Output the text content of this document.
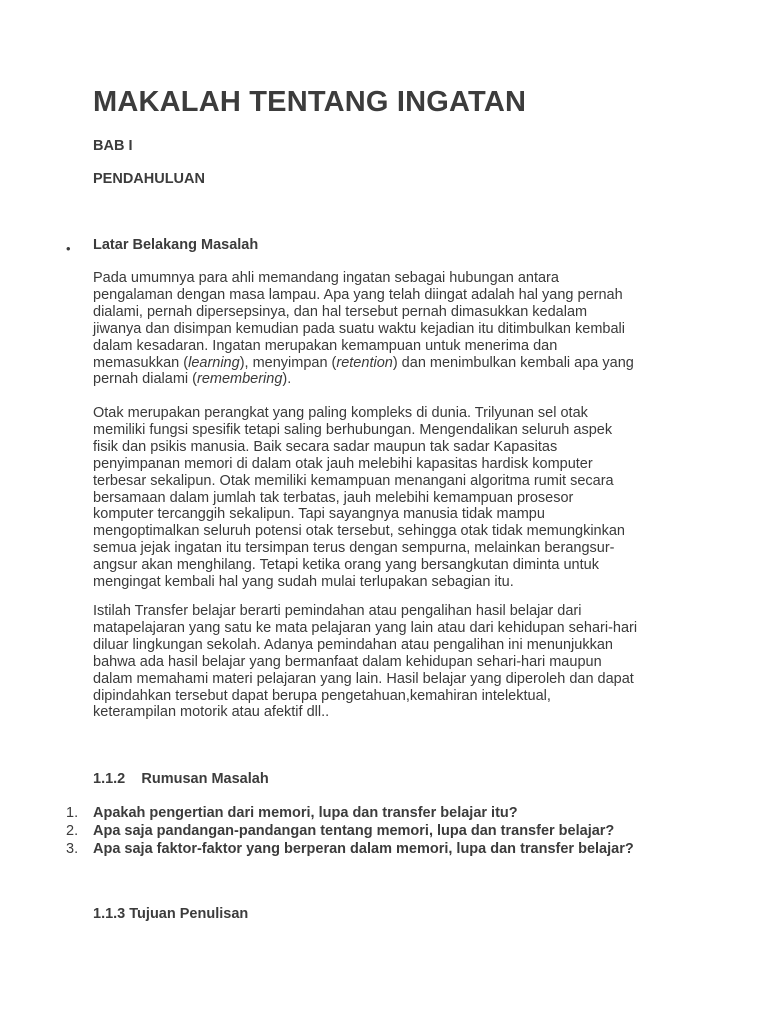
MAKALAH TENTANG INGATAN

BAB I

PENDAHULUAN

• Latar Belakang Masalah

Pada umumnya para ahli memandang ingatan sebagai hubungan antara
pengalaman dengan masa lampau. Apa yang telah diingat adalah hal yang pernah
dialami, pernah dipersepsinya, dan hal tersebut pernah dimasukkan kedalam
jiwanya dan disimpan kemudian pada suatu waktu kejadian itu ditimbulkan kembali
dalam kesadaran. Ingatan merupakan kemampuan untuk menerima dan
memasukkan (learning), menyimpan (retention) dan menimbulkan kembali apa yang
pernah dialami (remembering).
Otak merupakan perangkat yang paling kompleks di dunia. Trilyunan sel otak
memiliki fungsi spesifik tetapi saling berhubungan. Mengendalikan seluruh aspek
fisik dan psikis manusia. Baik secara sadar maupun tak sadar Kapasitas
penyimpanan memori di dalam otak jauh melebihi kapasitas hardisk komputer
terbesar sekalipun. Otak memiliki kemampuan menangani algoritma rumit secara
bersamaan dalam jumlah tak terbatas, jauh melebihi kemampuan prosesor
komputer tercanggih sekalipun. Tapi sayangnya manusia tidak mampu
mengoptimalkan seluruh potensi otak tersebut, sehingga otak tidak memungkinkan
semua jejak ingatan itu tersimpan terus dengan sempurna, melainkan berangsur-
angsur akan menghilang. Tetapi ketika orang yang bersangkutan diminta untuk
mengingat kembali hal yang sudah mulai terlupakan sebagian itu.
Istilah Transfer belajar berarti pemindahan atau pengalihan hasil belajar dari
matapelajaran yang satu ke mata pelajaran yang lain atau dari kehidupan sehari-hari
diluar lingkungan sekolah. Adanya pemindahan atau pengalihan ini menunjukkan
bahwa ada hasil belajar yang bermanfaat dalam kehidupan sehari-hari maupun
dalam memahami materi pelajaran yang lain. Hasil belajar yang diperoleh dan dapat
dipindahkan tersebut dapat berupa pengetahuan,kemahiran intelektual,
keterampilan motorik atau afektif dll..

1.1.2    Rumusan Masalah

1. Apakah pengertian dari memori, lupa dan transfer belajar itu?
2. Apa saja pandangan-pandangan tentang memori, lupa dan transfer belajar?
3. Apa saja faktor-faktor yang berperan dalam memori, lupa dan transfer belajar?

1.1.3 Tujuan Penulisan
